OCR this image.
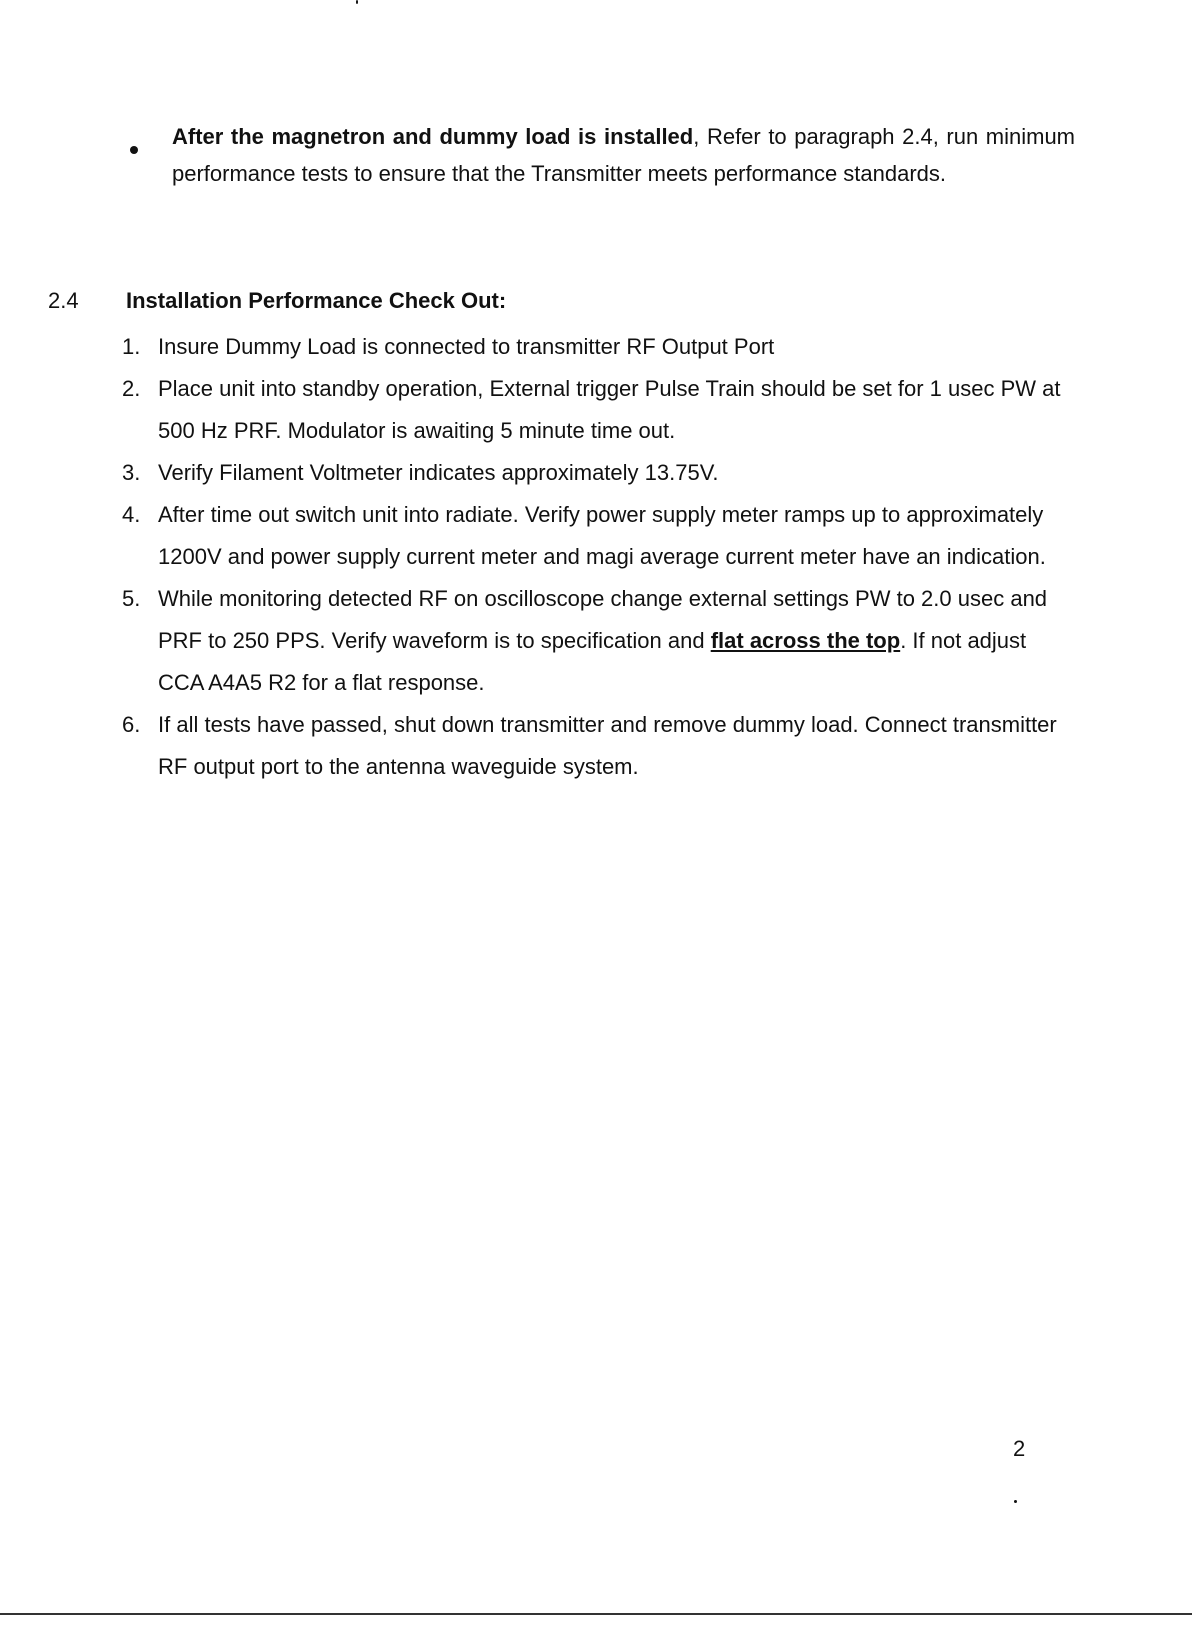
After the magnetron and dummy load is installed, Refer to paragraph 2.4, run minimum performance tests to ensure that the Transmitter meets performance standards.
2.4	Installation Performance Check Out:
1. Insure Dummy Load is connected to transmitter RF Output Port
2. Place unit into standby operation, External trigger Pulse Train should be set for 1 usec PW at 500 Hz PRF. Modulator is awaiting 5 minute time out.
3. Verify Filament Voltmeter indicates approximately 13.75V.
4. After time out switch unit into radiate. Verify power supply meter ramps up to approximately 1200V and power supply current meter and magi average current meter have an indication.
5. While monitoring detected RF on oscilloscope change external settings PW to 2.0 usec and PRF to 250 PPS. Verify waveform is to specification and flat across the top. If not adjust CCA A4A5 R2 for a flat response.
6. If all tests have passed, shut down transmitter and remove dummy load. Connect transmitter RF output port to the antenna waveguide system.
2
